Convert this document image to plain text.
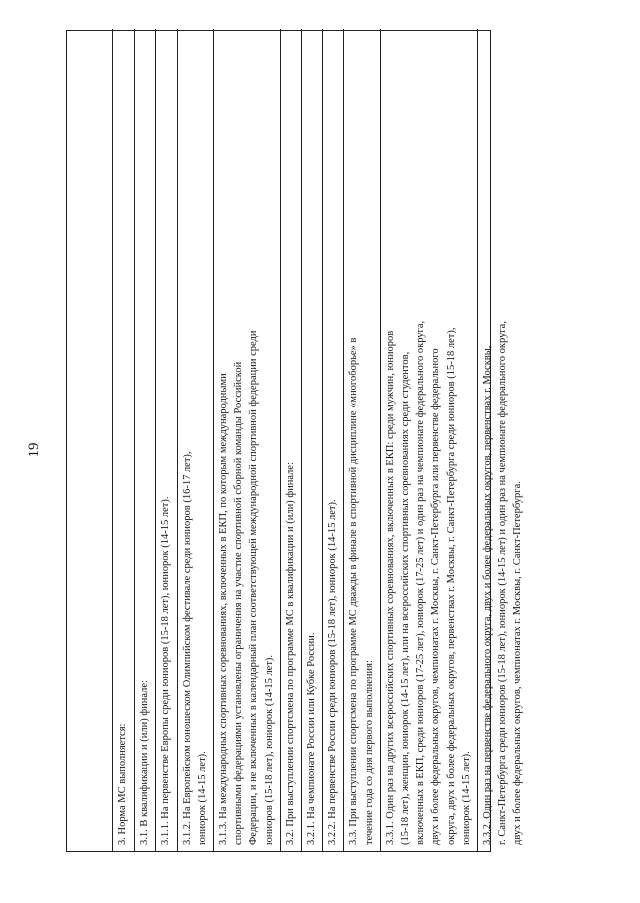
19
3. Норма МС выполняется: 3.1. В квалификации и (или) финале: 3.1.1. На первенстве Европы среди юниоров (15-18 лет), юниорок (14-15 лет). 3.1.2. На Европейском юношеском Олимпийском фестивале среди юниоров (16-17 лет), юниорок (14-15 лет). 3.1.3. На международных спортивных соревнованиях, включенных в ЕКП, по которым международными спортивными федерациями установлены ограничения на участие спортивной сборной команды Российской Федерации, и не включенных в календарный план соответствующей международной спортивной федерации среди юниоров (15-18 лет), юниорок (14-15 лет). 3.2. При выступлении спортсмена по программе МС в квалификации и (или) финале: 3.2.1. На чемпионате России или Кубке России. 3.2.2. На первенстве России среди юниоров (15-18 лет), юниорок (14-15 лет). 3.3. При выступлении спортсмена по программе МС дважды в финале в спортивной дисциплине «многоборье» в течение года со дня первого выполнения: 3.3.1. Один раз на других всероссийских спортивных соревнованиях, включенных в ЕКП: среди мужчин, юниоров (15-18 лет), женщин, юниорок (14-15 лет), или на всероссийских спортивных соревнованиях среди студентов, включенных в ЕКП, среди юниоров (17-25 лет), юниорок (17-25 лет) и один раз на чемпионате федерального округа, двух и более федеральных округов, чемпионатах г. Москвы, г. Санкт-Петербурга или первенстве федерального округа, двух и более федеральных округов, первенствах г. Москвы, г. Санкт-Петербурга среди юниоров (15-18 лет), юниорок (14-15 лет). 3.3.2. Один раз на первенстве федерального округа, двух и более федеральных округов, первенствах г. Москвы, г. Санкт-Петербурга среди юниоров (15-18 лет), юниорок (14-15 лет) и один раз на чемпионате федерального округа, двух и более федеральных округов, чемпионатах г. Москвы, г. Санкт-Петербурга.
